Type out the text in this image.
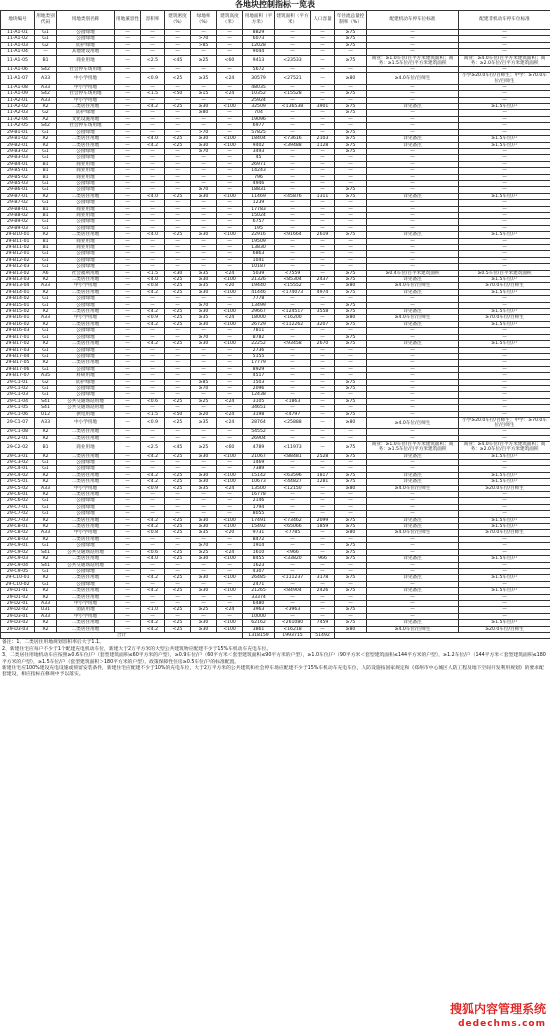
各地块控制指标一览表
地块编号	用地类别代码	用地类别名称	用地兼容性	容积率	建筑密度（%）	绿地率（%）	建筑高度（米）	用地面积（平方米）	建筑面积（平方米）	人口容量	年径流总量控制率（%）	配建机动车停车位标准	配建非机动车停车位标准
11-A1-01	G1	公园绿地	—	—	—	—	—	8829	—	—	≥75	—	—
11-A1-02	G1	公园绿地	—	—	—	>70	—	6073	—	—	≥75	—	—
11-A1-03	G2	防护绿地	—	—	—	>85	—	12028	—	—	≥75	—	—
11-A1-04	—	其他建设用地	—	—	—	—	—	9044	—	—	—	—	—
11-A1-05	B1	商业用地	—	<2.5	<45	≥25	<60	9413	<23533	—	≥75	商业：≥1.0车位/百平方米建筑面积；商务：≥1.5车位/百平方米建筑面积	商业：≥4.0车位/百平方米建筑面积；商务：≥2.0车位/百平方米建筑面积
11-A1-06	S42	社会停车场用地	—	—	—	—	—	5672	—	—	—	—	—
11-A1-07	A33	中小学用地	—	<0.9	<25	≥35	<24	30579	<27521	—	≥80	≥4.0车位/百师生	小学≥20.0车位/百师生；中学：≥70.0车位/百师生
11-A1-08	A33	中小学用地	—	—	—	—	—	48035	—	—	—	—	—
11-A1-09	S42	社会停车场用地	—	<1.5	<50	≥15	<24	10352	<15528	—	≥75	—	—
11-A2-01	A33	中小学用地	—	—	—	—	—	25924	—	—	—	—	—
11-A2-02	R2	二类居住用地	—	<4.2	<25	≥30	<100	32509	<136538	3901	≥75	详见备注	≥1.5车位/户
11-A2-03	G2	防护绿地	—	—	—	≥80	—	704	—	—	≥75	—	—
11-A2-04	A2	文化设施用地	—	—	—	—	—	19096	—	—	—	—	—
11-A2-05	S42	社会停车场用地	—	—	—	—	—	6977	—	—	—	—	—
29-B1-01	G1	公园绿地	—	—	—	>70	—	57825	—	—	≥75	—	—
29-B1-02	R2	二类居住用地	—	<4.0	<25	≥30	<100	18404	<73616	2103	≥75	详见备注	≥1.5车位/户
29-B2-01	R2	二类居住用地	—	<4.2	<25	≥30	<100	9402	<39488	1128	≥75	详见备注	≥1.5车位/户
29-B3-02	G1	公园绿地	—	—	—	≥70	—	3493	—	—	≥75	—	—
29-B3-03	G1	公园绿地	—	—	—	—	—	45	—	—	—	—	—
29-B4-01	B1	商业用地	—	—	—	—	—	26971	—	—	—	—	—
29-B5-01	B1	商业用地	—	—	—	—	—	14243	—	—	—	—	—
29-B5-02	B1	商业用地	—	—	—	—	—	796	—	—	—	—	—
29-B5-03	G1	公园绿地	—	—	—	—	—	4946	—	—	—	—	—
29-B6-01	G1	公园绿地	—	—	—	≥70	—	18831	—	—	≥75	—	—
29-B7-01	R2	二类居住用地	—	<4.0	<25	≥30	<100	11469	<45876	1311	≥75	详见备注	≥1.5车位/户
29-B7-02	G1	公园绿地	—	—	—	—	—	1239	—	—	—	—	—
29-B8-01	B1	商业用地	—	—	—	—	—	17783	—	—	—	—	—
29-B8-02	B1	商业用地	—	—	—	—	—	15024	—	—	—	—	—
29-B9-02	G1	公园绿地	—	—	—	—	—	6757	—	—	—	—	—
29-B9-03	G1	公园绿地	—	—	—	—	—	195	—	—	—	—	—
29-B10-01	R2	二类居住用地	—	<4.0	<25	≥30	<100	22916	<91664	2619	≥75	详见备注	≥1.5车位/户
29-B11-01	B1	商业用地	—	—	—	—	—	19509	—	—	—	—	—
29-B11-02	B1	商业用地	—	—	—	—	—	13830	—	—	—	—	—
29-B12-01	G1	公园绿地	—	—	—	—	—	6863	—	—	—	—	—
29-B12-02	G1	公园绿地	—	—	—	—	—	1041	—	—	—	—	—
29-B12-03	G1	公园绿地	—	—	—	—	—	10187	—	—	—	—	—
29-B13-02	A6	社会福利用地	—	<1.5	<30	≥35	<24	5039	<7559	—	≥75	≥0.4车位/百平米建筑面积	≥0.5车位/百平米建筑面积
29-B13-03	R2	二类居住用地	—	<4.0	<25	≥30	<100	21326	<85304	2437	≥75	详见备注	≥1.5车位/户
29-B13-04	A33	中小学用地	—	<0.8	<25	≥35	<20	19440	<15552	—	≥80	≥4.0车位/百师生	≥70.0车位/百师生
29-B14-01	R2	二类居住用地	—	<4.2	<25	≥30	<100	41446	<174073	4974	≥75	详见备注	≥1.5车位/户
29-B14-02	G1	公园绿地	—	—	—	—	—	7778	—	—	—	—	—
29-B15-01	G1	公园绿地	—	—	—	≥70	—	13499	—	—	≥75	—	—
29-B15-02	R2	二类居住用地	—	<4.2	<25	≥30	<100	29667	<124517	3558	≥75	详见备注	≥1.5车位/户
29-B16-01	A33	中小学用地	—	<0.9	<25	≥35	<24	18000	<16200	—	≥80	≥4.0车位/百师生	≥70.0车位/百师生
29-B16-02	R2	二类居住用地	—	<4.2	<25	≥30	<100	26729	<112262	3207	≥75	详见备注	≥1.5车位/户
29-B16-03	G1	公园绿地	—	—	—	—	—	7811	—	—	—	—	—
29-B17-01	G1	公园绿地	—	—	—	≥70	—	8782	—	—	≥75	—	—
29-B17-02	R2	二类居住用地	—	<4.2	<25	≥30	<100	22252	<93458	2670	≥75	详见备注	≥1.5车位/户
29-B17-03	G1	公园绿地	—	—	—	—	—	2736	—	—	—	—	—
29-B17-04	G1	公园绿地	—	—	—	—	—	5155	—	—	—	—	—
29-B17-05	R2	二类居住用地	—	—	—	—	—	17779	—	—	—	—	—
29-B17-06	G1	公园绿地	—	—	—	—	—	8929	—	—	—	—	—
29-B17-07	A35	科研用地	—	—	—	—	—	4517	—	—	—	—	—
29-C1-01	G2	防护绿地	—	—	—	≥85	—	1503	—	—	≥75	—	—
29-C1-02	G1	公园绿地	—	—	—	≥70	—	2096	—	—	≥75	—	—
29-C1-03	G1	公园绿地	—	—	—	—	—	12438	—	—	—	—	—
29-C1-04	S41	公共交通场站用地	—	<0.6	<25	≥25	<24	3105	<1863	—	≥75	—	—
29-C1-05	S41	公共交通场站用地	—	—	—	—	—	34651	—	—	—	—	—
29-C1-06	U12	供电用地	—	<1.5	<50	≥20	<24	3198	<4797	—	≥75	—	—
29-C1-07	A33	中小学用地	—	<0.9	<25	≥35	<24	28764	<25888	—	≥80	≥4.0车位/百师生	小学≥20.0车位/百师生；中学：≥70.0车位/百师生
29-C1-08	R2	二类居住用地	—	—	—	—	—	54552	—	—	—	—	—
29-C2-01	R2	二类居住用地	—	—	—	—	—	26904	—	—	—	—	—
29-C2-02	B1	商业用地	—	<2.5	<45	≥25	<60	4789	<11973	—	≥75	商业：≥1.0车位/百平方米建筑面积；商务：≥1.5车位/百平方米建筑面积	商业：≥4.0车位/百平方米建筑面积；商务：≥2.0车位/百平方米建筑面积
29-C3-01	R2	二类居住用地	—	<4.2	<25	≥30	<100	21067	<88481	2528	≥75	详见备注	≥1.5车位/户
29-C3-02	G1	公园绿地	—	—	—	—	—	1469	—	—	—	—	—
29-C4-01	G1	公园绿地	—	—	—	—	—	7389	—	—	—	—	—
29-C4-02	R2	二类居住用地	—	<4.2	<25	≥30	<100	15142	<63596	1817	≥75	详见备注	≥1.5车位/户
29-C5-01	R2	二类居住用地	—	<4.2	<25	≥30	<100	10673	<44827	1281	≥75	详见备注	≥1.5车位/户
29-C5-02	A33	中小学用地	—	<0.9	<25	≥35	<24	13500	<12150	—	≥80	≥4.0车位/百师生	≥20.0车位/百师生
29-C6-01	R2	二类居住用地	—	—	—	—	—	16778	—	—	—	—	—
29-C6-02	G1	公园绿地	—	—	—	—	—	2146	—	—	—	—	—
29-C7-01	G1	公园绿地	—	—	—	—	—	1794	—	—	—	—	—
29-C7-02	G1	公园绿地	—	—	—	—	—	8055	—	—	—	—	—
29-C7-03	R2	二类居住用地	—	<4.2	<25	≥30	<100	17491	<73462	2099	≥75	详见备注	≥1.5车位/户
29-C8-01	R2	二类居住用地	—	<4.2	<25	≥30	<100	15492	<65066	1859	≥75	详见备注	≥1.5车位/户
29-C8-02	A33	中小学用地	—	<0.8	<25	≥35	<20	9731	<7785	—	≥80	≥4.0车位/百师生	≥70.0车位/百师生
29-C8-03	R2	二类居住用地	—	—	—	—	—	8472	—	—	—	—	—
29-C9-01	G1	公园绿地	—	—	—	≥70	—	1914	—	—	≥75	—	—
29-C9-02	S41	公共交通场站用地	—	<0.6	<25	≥25	<24	1610	<966	—	≥75	—	—
29-C9-03	R2	二类居住用地	—	<4.0	<25	≥30	<100	8455	<33820	966	≥75	详见备注	≥1.5车位/户
29-C9-04	S41	公共交通场站用地	—	—	—	—	—	1623	—	—	—	—	—
29-C9-05	G1	公园绿地	—	—	—	—	—	4307	—	—	—	—	—
29-C10-01	R2	二类居住用地	—	<4.2	<25	≥30	<100	26485	<111237	3178	≥75	详见备注	≥1.5车位/户
29-C10-02	G1	公园绿地	—	—	—	—	—	2471	—	—	—	—	—
29-D1-01	R2	二类居住用地	—	<4.2	<25	≥30	<100	21265	<84904	2426	≥75	详见备注	≥1.5车位/户
29-D1-02	R2	二类居住用地	—	—	—	—	—	33374	—	—	—	—	—
29-D2-01	A33	中小学用地	—	—	—	—	—	6480	—	—	—	—	—
29-D2-02	U31	消防用地	—	<1.0	<25	≥25	<24	3963	<3963	—	≥75	—	—
29-D3-01	A33	中小学用地	—	—	—	—	—	10000	—	—	—	—	—
29-D3-02	R2	二类居住用地	—	<4.2	<25	≥30	<100	62162	<261080	7459	≥75	详见备注	≥1.5车位/户
29-D3-03	R2	二类居住用地	—	<4.2	<25	≥30	<100	3861	<16218	—	≥80	≥4.0车位/百师生	≥20.0车位/百师生
合计								1318159	1993715	51492			
备注：1、二类居住用地规划容积率后大于1.1。
2、新建住宅应每户不少于1个配建充电机动车位，新建大于2万平方米的大型公共建筑物应配建不少于15%车机动车充电车位。
3、二类居住用地机动车应按照≥0.6车位/户（套型建筑面积≤60平方米的户型），≥0.9车位/户（60平方米＜套型建筑面积≤90平方米的户型），≥1.0车位/户（90平方米＜套型建筑面积≤144平方米的户型），≥1.2车位/户（144平方米＜套型建筑面积≤180平方米的户型），≥1.5车位/户（套型建筑面积＞180平方米的户型），政策保障性住房≥0.5车位/户的标准配置。
新建住宅应100%建设充电设施或预留安装条件，新建住宅应配建不少于10%的充电车位，大于2万平方米的公共建筑和社会停车场应配建不少于15%车机动车充电车位，人防设施按国家规定和《郑州市中心城区人防工程及地下空间开发利用规划》的要求配套建设，相应指标在修规中予以落实。
搜狐内容管理系统
dedechms.com
